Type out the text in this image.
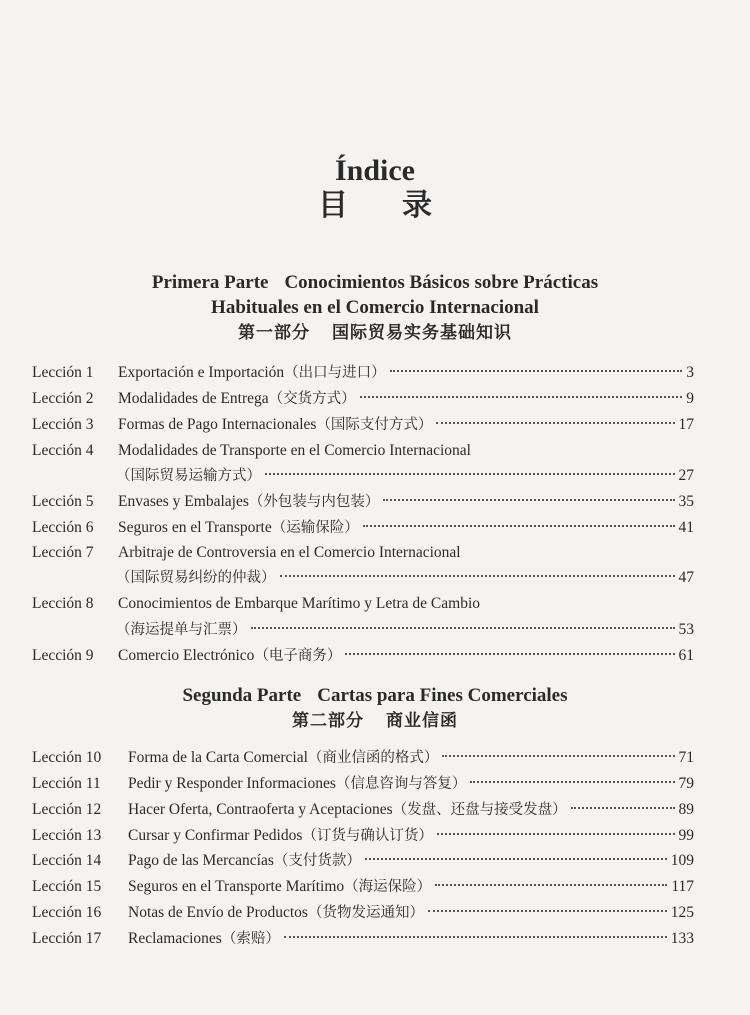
Índice
目录
Primera Parte Conocimientos Básicos sobre Prácticas
Habituales en el Comercio Internacional
第一部分 国际贸易实务基础知识
Lección 1 Exportación e Importación （出口与进口）	3
Lección 2 Modalidades de Entrega （交货方式）	9
Lección 3 Formas de Pago Internacionales （国际支付方式）	17
Lección 4 Modalidades de Transporte en el Comercio Internacional
（国际贸易运输方式）	27
Lección 5 Envases y Embalajes （外包装与内包装）	35
Lección 6 Seguros en el Transporte （运输保险）	41
Lección 7 Arbitraje de Controversia en el Comercio Internacional
（国际贸易纠纷的仲裁）	47
Lección 8 Conocimientos de Embarque Marítimo y Letra de Cambio
（海运提单与汇票）	53
Lección 9 Comercio Electrónico （电子商务）	61
Segunda Parte Cartas para Fines Comerciales
第二部分 商业信函
Lección 10 Forma de la Carta Comercial （商业信函的格式）	71
Lección 11 Pedir y Responder Informaciones （信息咨询与答复）	79
Lección 12 Hacer Oferta, Contraoferta y Aceptaciones （发盘、还盘与接受发盘）	89
Lección 13 Cursar y Confirmar Pedidos （订货与确认订货）	99
Lección 14 Pago de las Mercancías （支付货款）	109
Lección 15 Seguros en el Transporte Marítimo （海运保险）	117
Lección 16 Notas de Envío de Productos （货物发运通知）	125
Lección 17 Reclamaciones （索赔）	133
